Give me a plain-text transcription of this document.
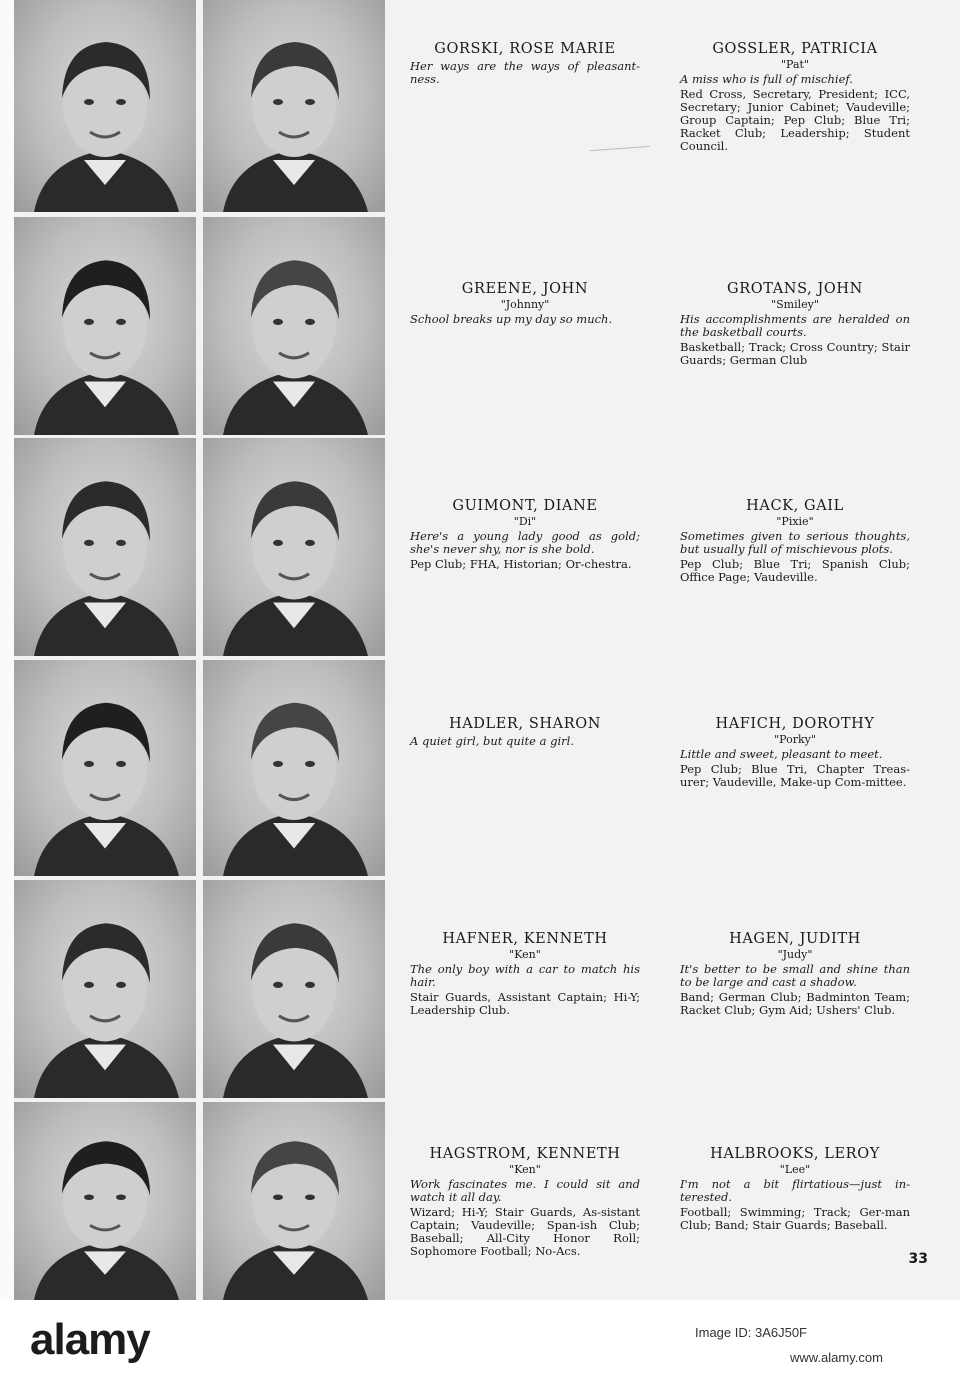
GORSKI, ROSE MARIE
Her ways are the ways of pleasant-ness.
GOSSLER, PATRICIA
"Pat"
A miss who is full of mischief.
Red Cross, Secretary, President; ICC, Secretary; Junior Cabinet; Vaudeville; Group Captain; Pep Club; Blue Tri; Racket Club; Leadership; Student Council.
GREENE, JOHN
"Johnny"
School breaks up my day so much.
GROTANS, JOHN
"Smiley"
His accomplishments are heralded on the basketball courts.
Basketball; Track; Cross Country; Stair Guards; German Club
GUIMONT, DIANE
"Di"
Here's a young lady good as gold; she's never shy, nor is she bold.
Pep Club; FHA, Historian; Or-chestra.
HACK, GAIL
"Pixie"
Sometimes given to serious thoughts, but usually full of mischievous plots.
Pep Club; Blue Tri; Spanish Club; Office Page; Vaudeville.
HADLER, SHARON
A quiet girl, but quite a girl.
HAFICH, DOROTHY
"Porky"
Little and sweet, pleasant to meet.
Pep Club; Blue Tri, Chapter Treas-urer; Vaudeville, Make-up Com-mittee.
HAFNER, KENNETH
"Ken"
The only boy with a car to match his hair.
Stair Guards, Assistant Captain; Hi-Y; Leadership Club.
HAGEN, JUDITH
"Judy"
It's better to be small and shine than to be large and cast a shadow.
Band; German Club; Badminton Team; Racket Club; Gym Aid; Ushers' Club.
HAGSTROM, KENNETH
"Ken"
Work fascinates me. I could sit and watch it all day.
Wizard; Hi-Y; Stair Guards, As-sistant Captain; Vaudeville; Span-ish Club; Baseball; All-City Honor Roll; Sophomore Football; No-Acs.
HALBROOKS, LEROY
"Lee"
I'm not a bit flirtatious—just in-terested.
Football; Swimming; Track; Ger-man Club; Band; Stair Guards; Baseball.
33
alamy	Image ID: 3A6J50F
www.alamy.com
